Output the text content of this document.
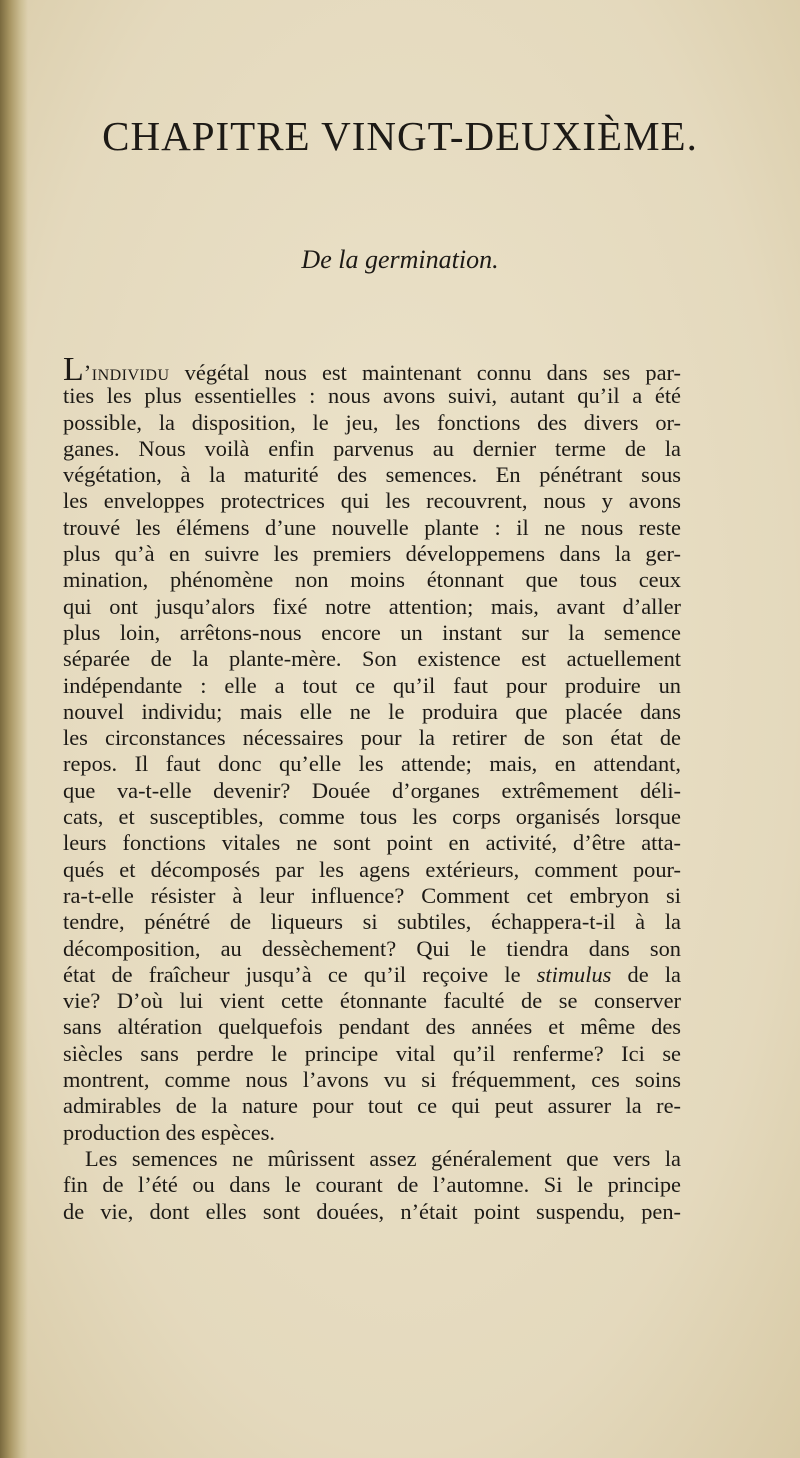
CHAPITRE VINGT-DEUXIÈME.
De la germination.
L’individu végétal nous est maintenant connu dans ses par-
ties les plus essentielles : nous avons suivi, autant qu’il a été
possible, la disposition, le jeu, les fonctions des divers or-
ganes. Nous voilà enfin parvenus au dernier terme de la
végétation, à la maturité des semences. En pénétrant sous
les enveloppes protectrices qui les recouvrent, nous y avons
trouvé les élémens d’une nouvelle plante : il ne nous reste
plus qu’à en suivre les premiers développemens dans la ger-
mination, phénomène non moins étonnant que tous ceux
qui ont jusqu’alors fixé notre attention; mais, avant d’aller
plus loin, arrêtons-nous encore un instant sur la semence
séparée de la plante-mère. Son existence est actuellement
indépendante : elle a tout ce qu’il faut pour produire un
nouvel individu; mais elle ne le produira que placée dans
les circonstances nécessaires pour la retirer de son état de
repos. Il faut donc qu’elle les attende; mais, en attendant,
que va-t-elle devenir? Douée d’organes extrêmement déli-
cats, et susceptibles, comme tous les corps organisés lorsque
leurs fonctions vitales ne sont point en activité, d’être atta-
qués et décomposés par les agens extérieurs, comment pour-
ra-t-elle résister à leur influence? Comment cet embryon si
tendre, pénétré de liqueurs si subtiles, échappera-t-il à la
décomposition, au dessèchement? Qui le tiendra dans son
état de fraîcheur jusqu’à ce qu’il reçoive le stimulus de la
vie? D’où lui vient cette étonnante faculté de se conserver
sans altération quelquefois pendant des années et même des
siècles sans perdre le principe vital qu’il renferme? Ici se
montrent, comme nous l’avons vu si fréquemment, ces soins
admirables de la nature pour tout ce qui peut assurer la re-
production des espèces.
Les semences ne mûrissent assez généralement que vers la
fin de l’été ou dans le courant de l’automne. Si le principe
de vie, dont elles sont douées, n’était point suspendu, pen-
